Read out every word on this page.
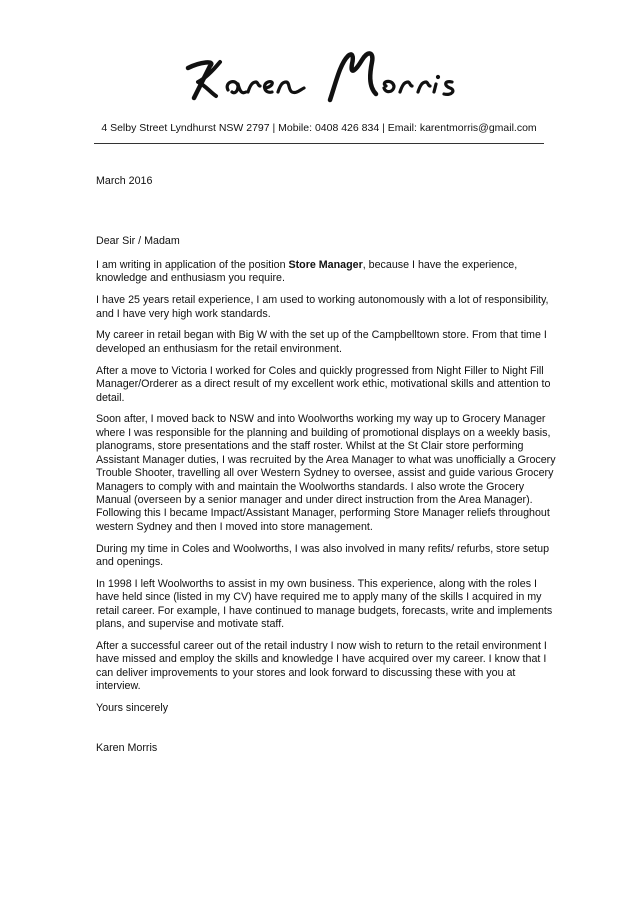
4 Selby Street Lyndhurst NSW 2797 | Mobile: 0408 426 834 | Email: karentmorris@gmail.com

March 2016

Dear Sir / Madam

I am writing in application of the position Store Manager, because I have the experience, knowledge and enthusiasm you require.

I have 25 years retail experience, I am used to working autonomously with a lot of responsibility, and I have very high work standards.

My career in retail began with Big W with the set up of the Campbelltown store. From that time I developed an enthusiasm for the retail environment.

After a move to Victoria I worked for Coles and quickly progressed from Night Filler to Night Fill Manager/Orderer as a direct result of my excellent work ethic, motivational skills and attention to detail.

Soon after, I moved back to NSW and into Woolworths working my way up to Grocery Manager where I was responsible for the planning and building of promotional displays on a weekly basis, planograms, store presentations and the staff roster. Whilst at the St Clair store performing Assistant Manager duties, I was recruited by the Area Manager to what was unofficially a Grocery Trouble Shooter, travelling all over Western Sydney to oversee, assist and guide various Grocery Managers to comply with and maintain the Woolworths standards. I also wrote the Grocery Manual (overseen by a senior manager and under direct instruction from the Area Manager). Following this I became Impact/Assistant Manager, performing Store Manager reliefs throughout western Sydney and then I moved into store management.

During my time in Coles and Woolworths, I was also involved in many refits/ refurbs, store setup and openings.

In 1998 I left Woolworths to assist in my own business. This experience, along with the roles I have held since (listed in my CV) have required me to apply many of the skills I acquired in my retail career. For example, I have continued to manage budgets, forecasts, write and implements plans, and supervise and motivate staff.

After a successful career out of the retail industry I now wish to return to the retail environment I have missed and employ the skills and knowledge I have acquired over my career. I know that I can deliver improvements to your stores and look forward to discussing these with you at interview.

Yours sincerely

Karen Morris
